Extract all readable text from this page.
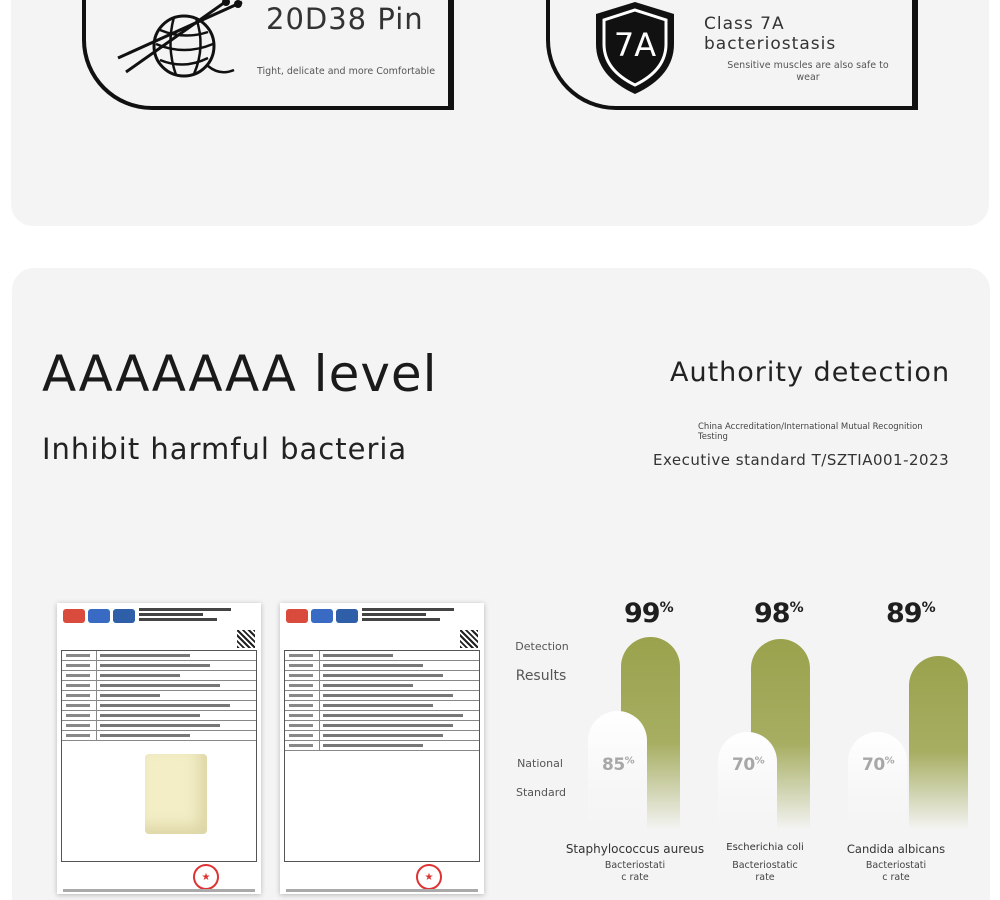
20D38 Pin
Tight, delicate and more Comfortable
7A
Class 7A bacteriostasis
Sensitive muscles are also safe to wear
AAAAAAA level
Inhibit harmful bacteria
Authority detection
China Accreditation/International Mutual Recognition Testing
Executive standard T/SZTIA001-2023
★	★
Detection
Results
National
Standard
99%
85%
Staphylococcus aureus
Bacteriostati
c rate
98%
70%
Escherichia coli
Bacteriostatic
rate
89%
70%
Candida albicans
Bacteriostati
c rate
